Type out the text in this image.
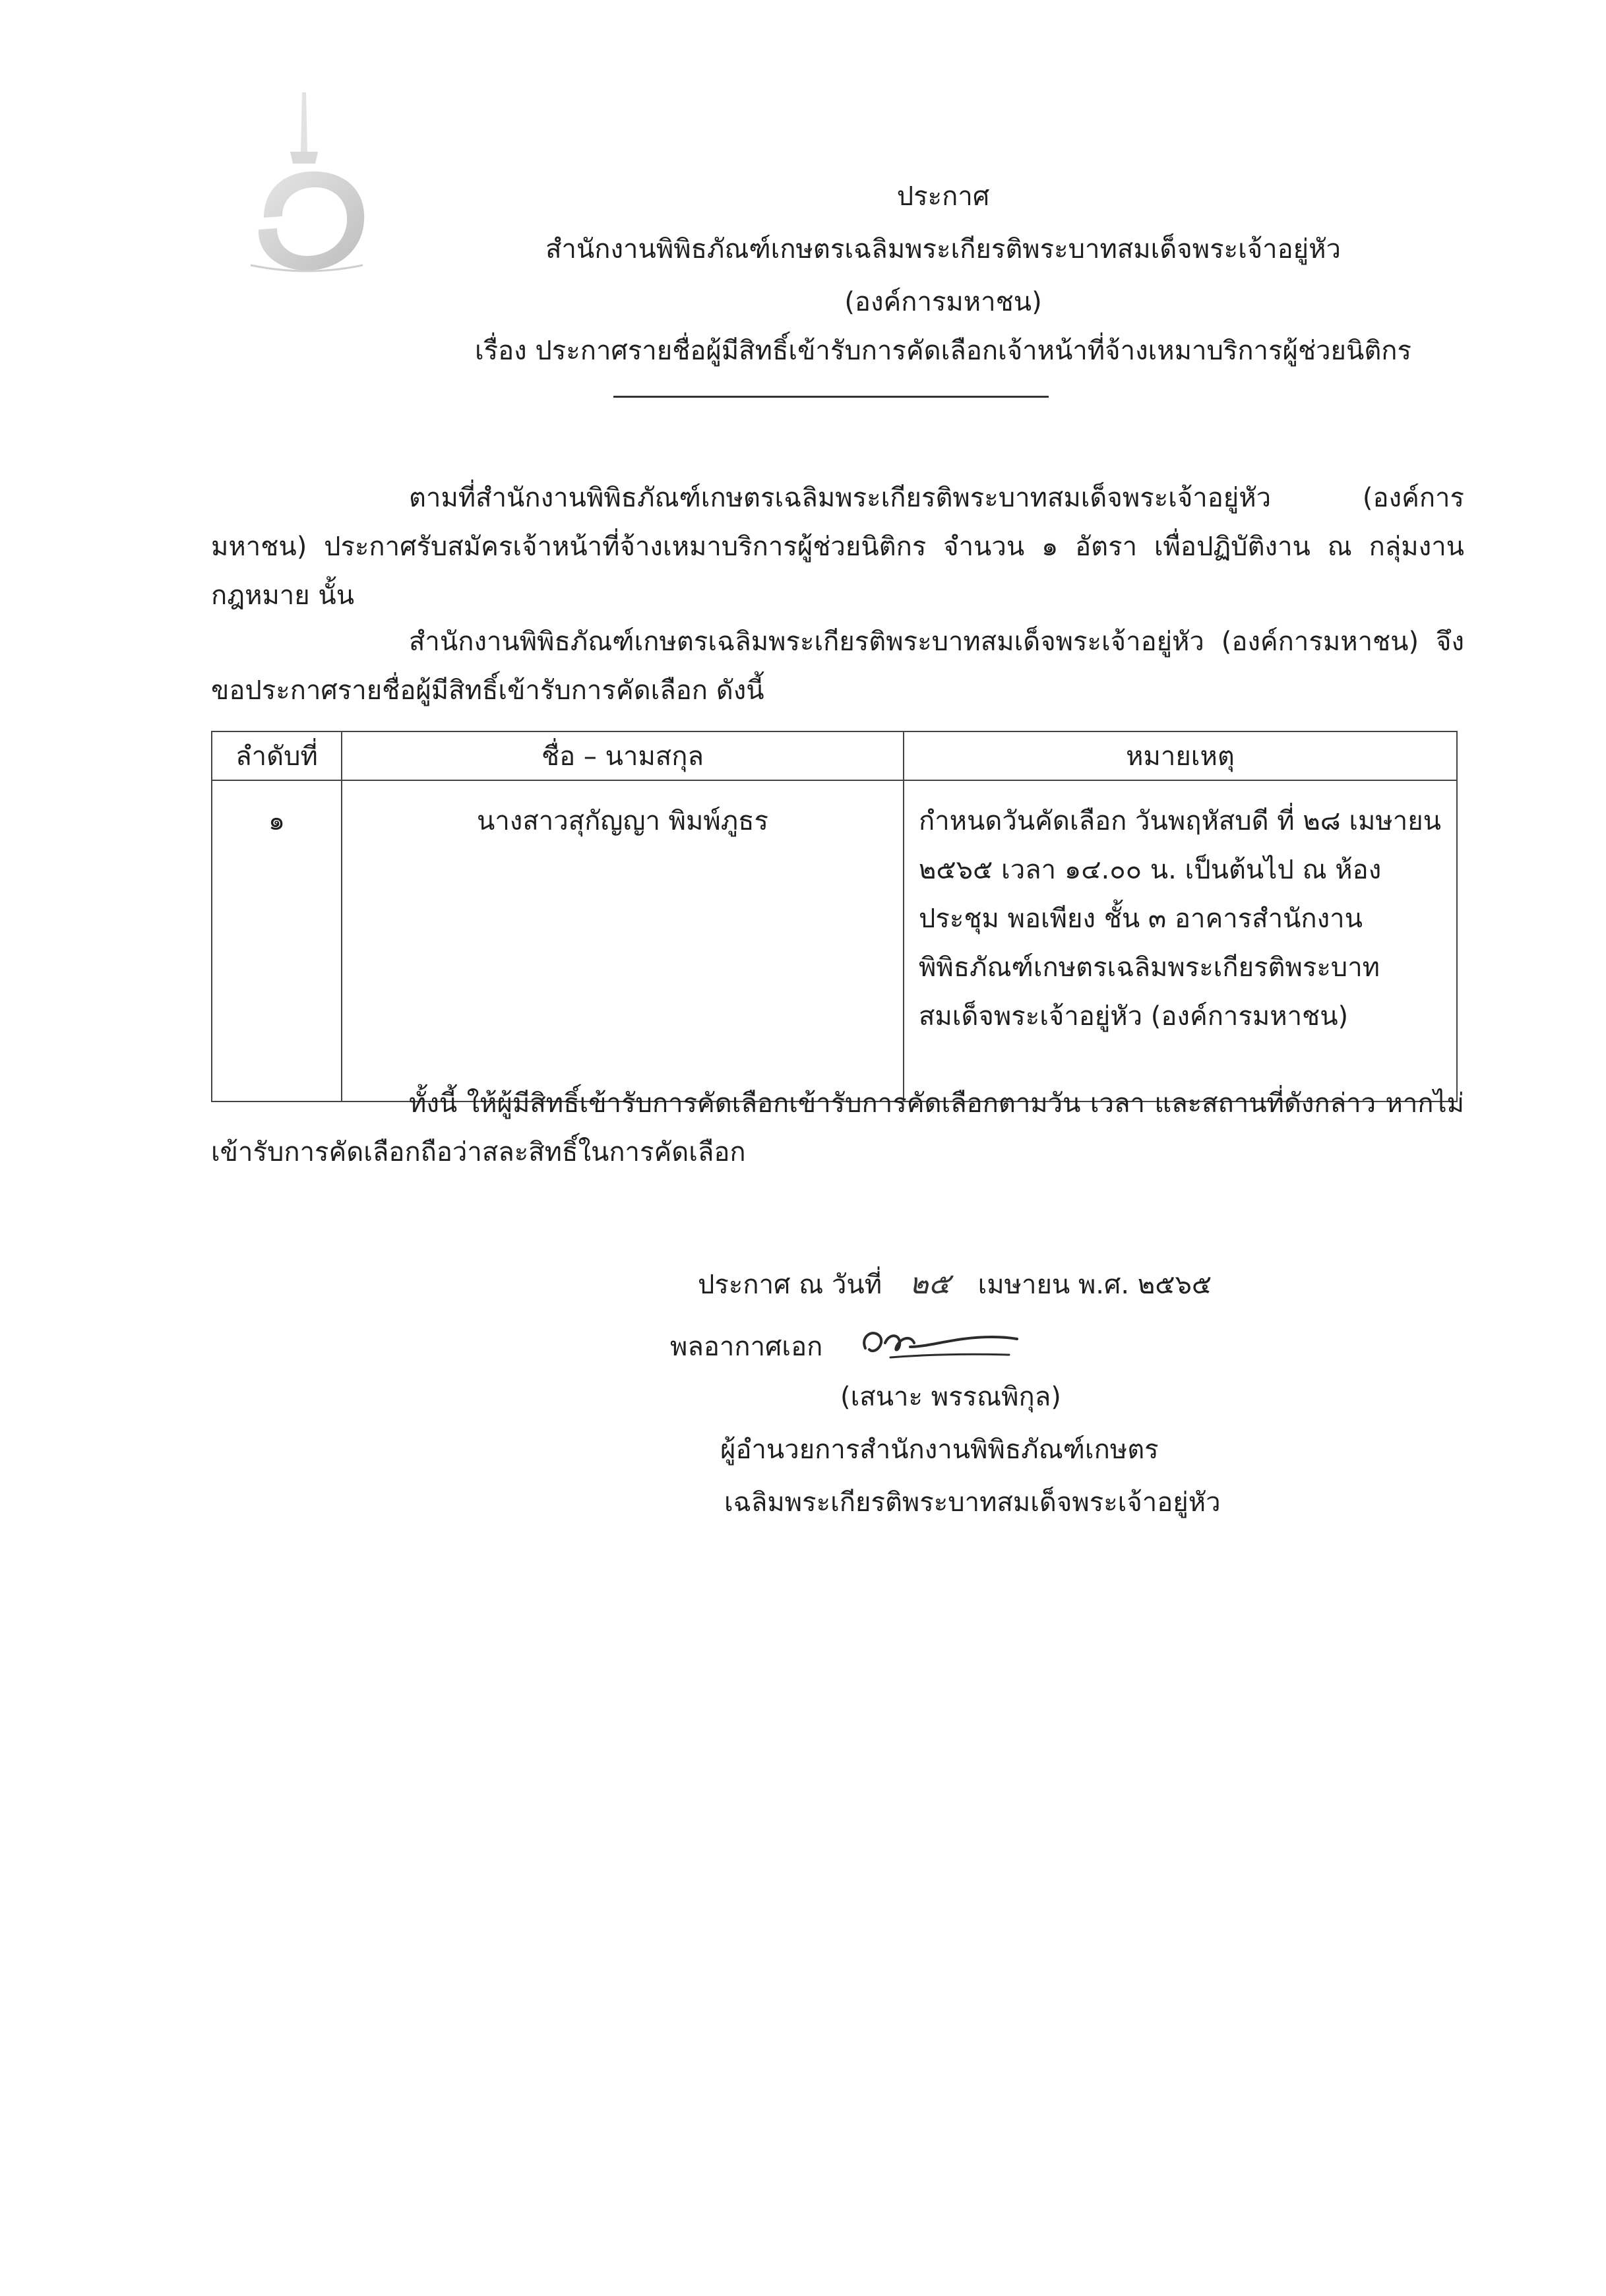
ประกาศ
สำนักงานพิพิธภัณฑ์เกษตรเฉลิมพระเกียรติพระบาทสมเด็จพระเจ้าอยู่หัว
(องค์การมหาชน)
เรื่อง ประกาศรายชื่อผู้มีสิทธิ์เข้ารับการคัดเลือกเจ้าหน้าที่จ้างเหมาบริการผู้ช่วยนิติกร
ตามที่สำนักงานพิพิธภัณฑ์เกษตรเฉลิมพระเกียรติพระบาทสมเด็จพระเจ้าอยู่หัว (องค์การมหาชน) ประกาศรับสมัครเจ้าหน้าที่จ้างเหมาบริการผู้ช่วยนิติกร จำนวน ๑ อัตรา เพื่อปฏิบัติงาน ณ กลุ่มงานกฎหมาย นั้น
สำนักงานพิพิธภัณฑ์เกษตรเฉลิมพระเกียรติพระบาทสมเด็จพระเจ้าอยู่หัว (องค์การมหาชน) จึงขอประกาศรายชื่อผู้มีสิทธิ์เข้ารับการคัดเลือก ดังนี้
ลำดับที่	ชื่อ – นามสกุล	หมายเหตุ
๑	นางสาวสุกัญญา พิมพ์ภูธร	กำหนดวันคัดเลือก วันพฤหัสบดี ที่ ๒๘ เมษายน ๒๕๖๕ เวลา ๑๔.๐๐ น. เป็นต้นไป ณ ห้องประชุม พอเพียง ชั้น ๓ อาคารสำนักงานพิพิธภัณฑ์เกษตรเฉลิมพระเกียรติพระบาทสมเด็จพระเจ้าอยู่หัว (องค์การมหาชน)
ทั้งนี้ ให้ผู้มีสิทธิ์เข้ารับการคัดเลือกเข้ารับการคัดเลือกตามวัน เวลา และสถานที่ดังกล่าว หากไม่เข้ารับการคัดเลือกถือว่าสละสิทธิ์ในการคัดเลือก
ประกาศ ณ วันที่ ๒๕ เมษายน พ.ศ. ๒๕๖๕
พลอากาศเอก
(เสนาะ พรรณพิกุล)
ผู้อำนวยการสำนักงานพิพิธภัณฑ์เกษตร
เฉลิมพระเกียรติพระบาทสมเด็จพระเจ้าอยู่หัว
